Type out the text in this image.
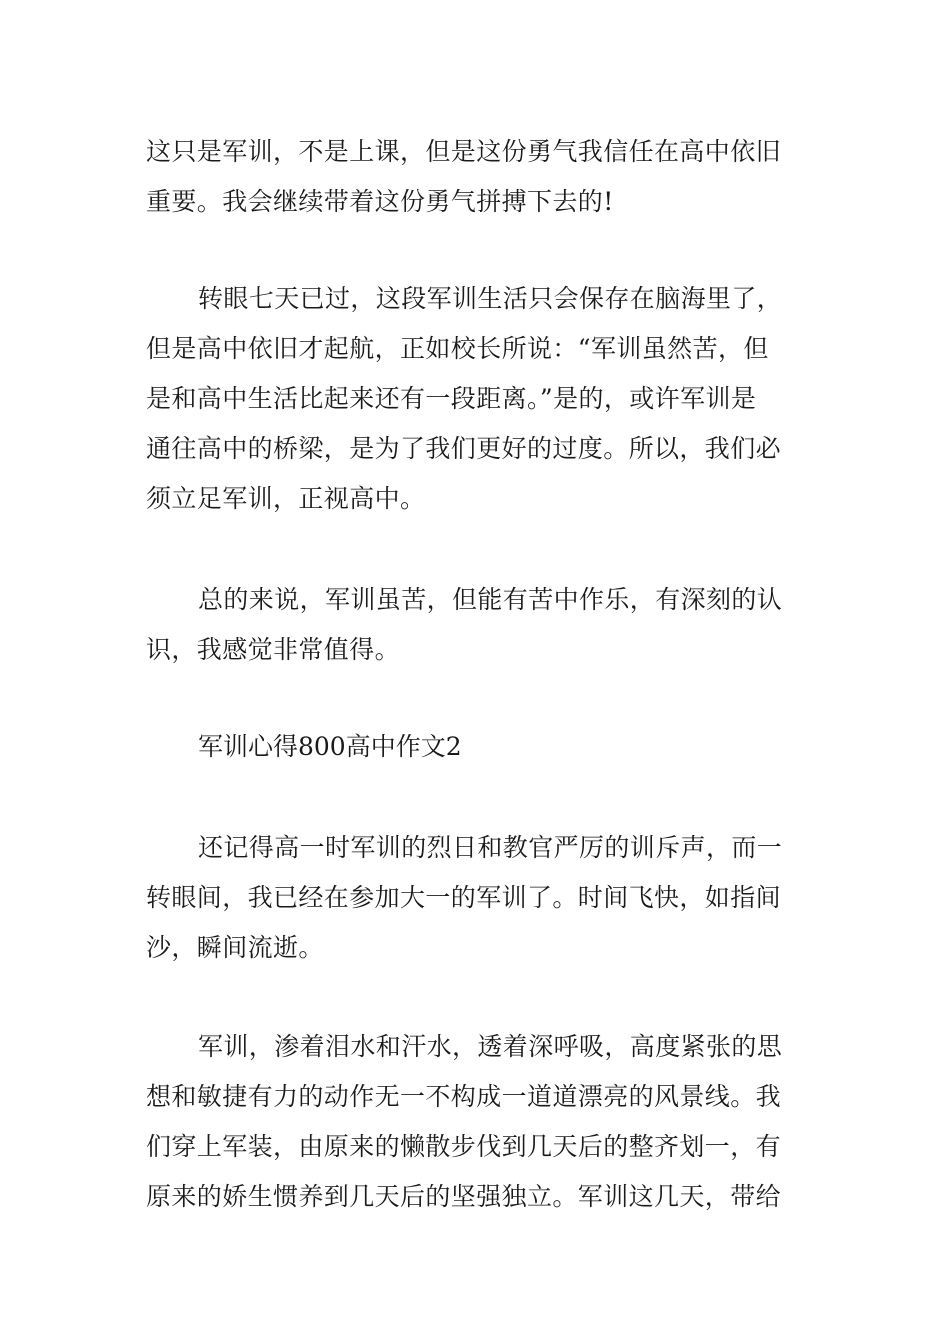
这只是军训，不是上课，但是这份勇气我信任在高中依旧
重要。我会继续带着这份勇气拼搏下去的!
转眼七天已过，这段军训生活只会保存在脑海里了，
但是高中依旧才起航，正如校长所说：“军训虽然苦，但
是和高中生活比起来还有一段距离。”是的，或许军训是
通往高中的桥梁，是为了我们更好的过度。所以，我们必
须立足军训，正视高中。
总的来说，军训虽苦，但能有苦中作乐，有深刻的认
识，我感觉非常值得。
军训心得800高中作文2
还记得高一时军训的烈日和教官严厉的训斥声，而一
转眼间，我已经在参加大一的军训了。时间飞快，如指间
沙，瞬间流逝。
军训，渗着泪水和汗水，透着深呼吸，高度紧张的思
想和敏捷有力的动作无一不构成一道道漂亮的风景线。我
们穿上军装，由原来的懒散步伐到几天后的整齐划一，有
原来的娇生惯养到几天后的坚强独立。军训这几天，带给
